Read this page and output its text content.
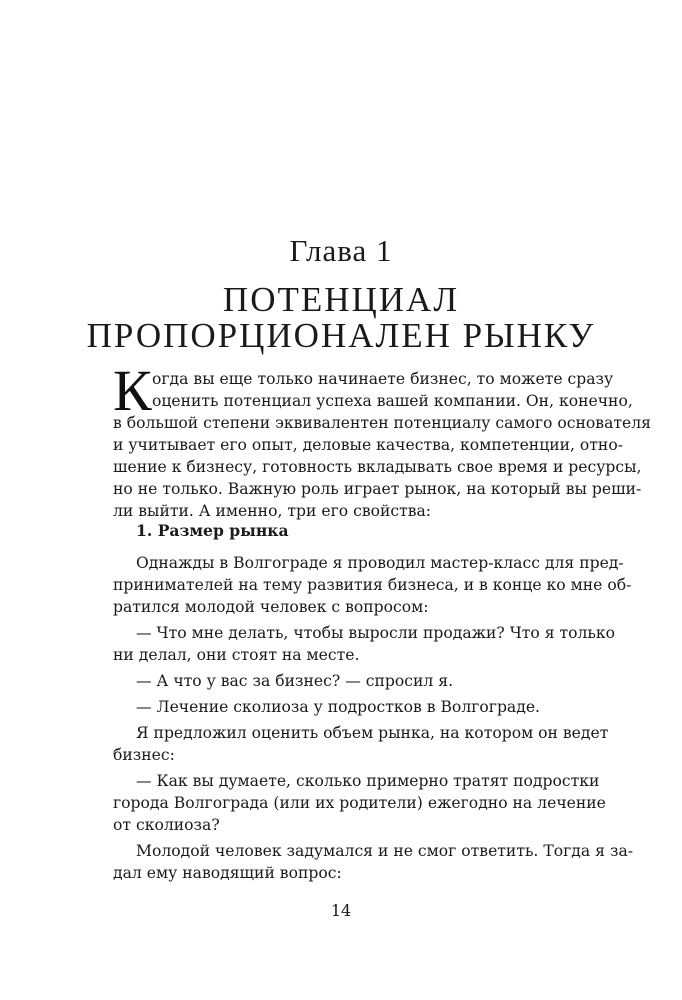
Глава 1
ПОТЕНЦИАЛ
ПРОПОРЦИОНАЛЕН РЫНКУ
К огда вы еще только начинаете бизнес, то можете сразу
оценить потенциал успеха вашей компании. Он, конечно,
в большой степени эквивалентен потенциалу самого основателя
и учитывает его опыт, деловые качества, компетенции, отно-
шение к бизнесу, готовность вкладывать свое время и ресурсы,
но не только. Важную роль играет рынок, на который вы реши-
ли выйти. А именно, три его свойства:
1. Размер рынка
Однажды в Волгограде я проводил мастер-класс для пред-
принимателей на тему развития бизнеса, и в конце ко мне об-
ратился молодой человек с вопросом:
— Что мне делать, чтобы выросли продажи? Что я только
ни делал, они стоят на месте.
— А что у вас за бизнес? — спросил я.
— Лечение сколиоза у подростков в Волгограде.
Я предложил оценить объем рынка, на котором он ведет
бизнес:
— Как вы думаете, сколько примерно тратят подростки
города Волгограда (или их родители) ежегодно на лечение
от сколиоза?
Молодой человек задумался и не смог ответить. Тогда я за-
дал ему наводящий вопрос:
14
